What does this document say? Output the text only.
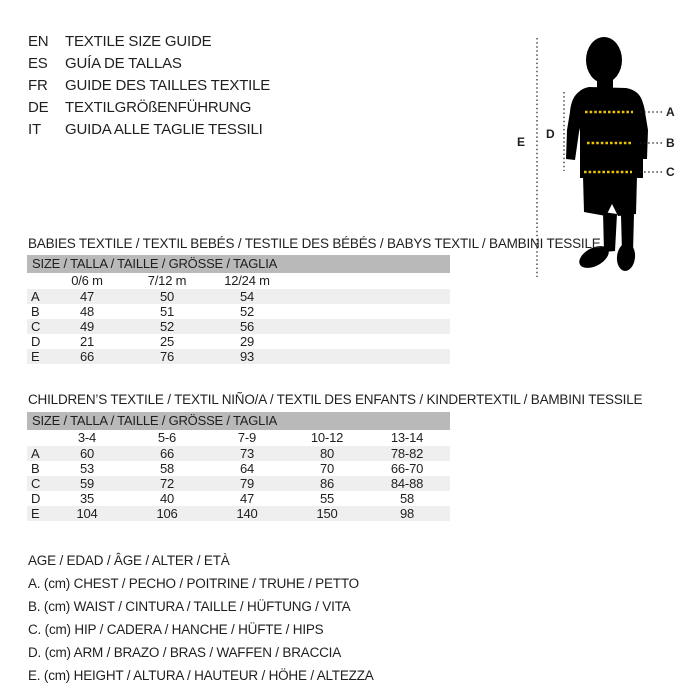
EN	TEXTILE SIZE GUIDE
ES	GUÍA DE TALLAS
FR	GUIDE DES TAILLES TEXTILE
DE	TEXTILGRÖßENFÜHRUNG
IT	GUIDA ALLE TAGLIE TESSILI
A
B
C
D
E
BABIES TEXTILE / TEXTIL BEBÉS / TESTILE DES BÉBÉS / BABYS TEXTIL / BAMBINI TESSILE
SIZE / TALLA / TAILLE / GRÖSSE / TAGLIA
	0/6 m	7/12 m	12/24 m	
A	47	50	54	
B	48	51	52	
C	49	52	56	
D	21	25	29	
E	66	76	93	
CHILDREN’S TEXTILE / TEXTIL NIÑO/A / TEXTIL DES ENFANTS / KINDERTEXTIL / BAMBINI TESSILE
SIZE / TALLA / TAILLE / GRÖSSE / TAGLIA
	3-4	5-6	7-9	10-12	13-14	
A	60	66	73	80	78-82	
B	53	58	64	70	66-70	
C	59	72	79	86	84-88	
D	35	40	47	55	58	
E	104	106	140	150	98	
AGE / EDAD / ÂGE / ALTER / ETÀ
A. (cm) CHEST / PECHO / POITRINE / TRUHE / PETTO
B. (cm) WAIST / CINTURA / TAILLE / HÜFTUNG / VITA
C. (cm) HIP / CADERA / HANCHE / HÜFTE / HIPS
D. (cm) ARM / BRAZO / BRAS / WAFFEN / BRACCIA
E. (cm) HEIGHT / ALTURA / HAUTEUR / HÖHE / ALTEZZA
